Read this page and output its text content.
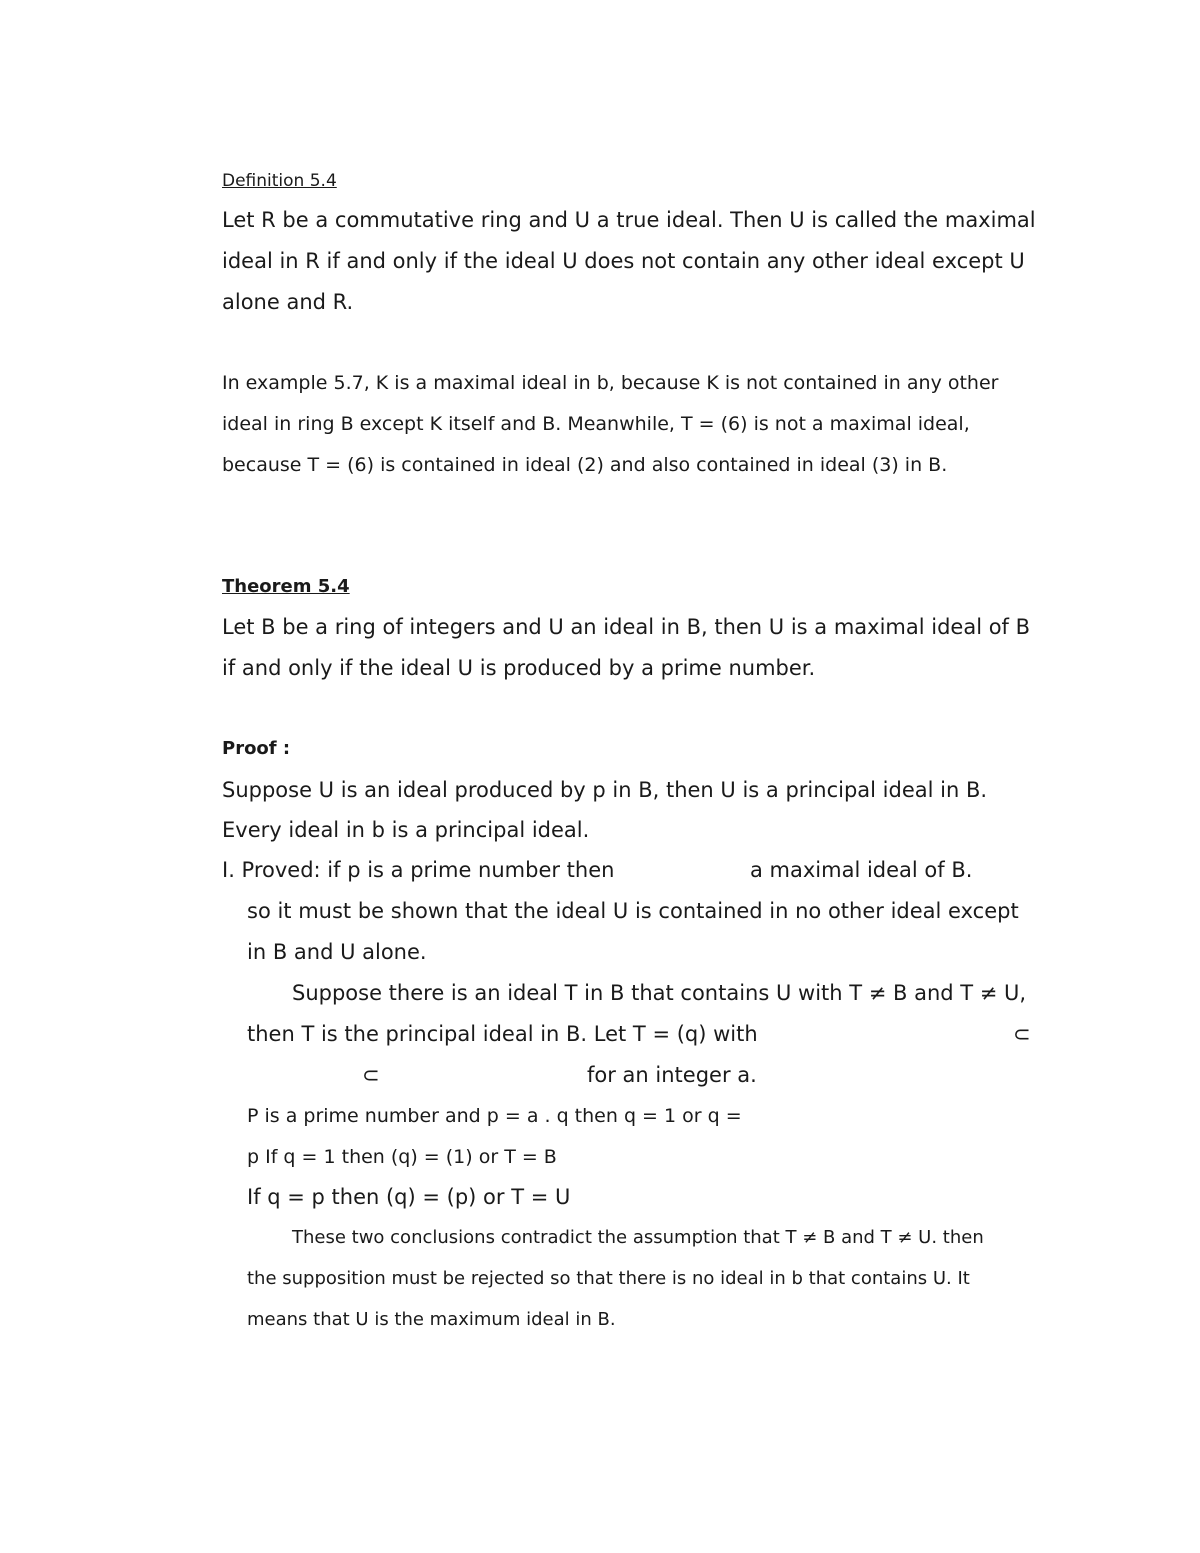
Definition 5.4
Let R be a commutative ring and U a true ideal. Then U is called the maximal
ideal in R if and only if the ideal U does not contain any other ideal except U
alone and R.
In example 5.7, K is a maximal ideal in b, because K is not contained in any other
ideal in ring B except K itself and B. Meanwhile, T = (6) is not a maximal ideal,
because T = (6) is contained in ideal (2) and also contained in ideal (3) in B.
Theorem 5.4
Let B be a ring of integers and U an ideal in B, then U is a maximal ideal of B
if and only if the ideal U is produced by a prime number.
Proof :
Suppose U is an ideal produced by p in B, then U is a principal ideal in B.
Every ideal in b is a principal ideal.
I. Proved: if p is a prime number then	a maximal ideal of B.
so it must be shown that the ideal U is contained in no other ideal except
in B and U alone.
Suppose there is an ideal T in B that contains U with T ≠ B and T ≠ U,
then T is the principal ideal in B. Let T = (q) with	⊂
⊂	for an integer a.
P is a prime number and p = a . q then q = 1 or q =
p If q = 1 then (q) = (1) or T = B
If q = p then (q) = (p) or T = U
These two conclusions contradict the assumption that T ≠ B and T ≠ U. then
the supposition must be rejected so that there is no ideal in b that contains U. It
means that U is the maximum ideal in B.
